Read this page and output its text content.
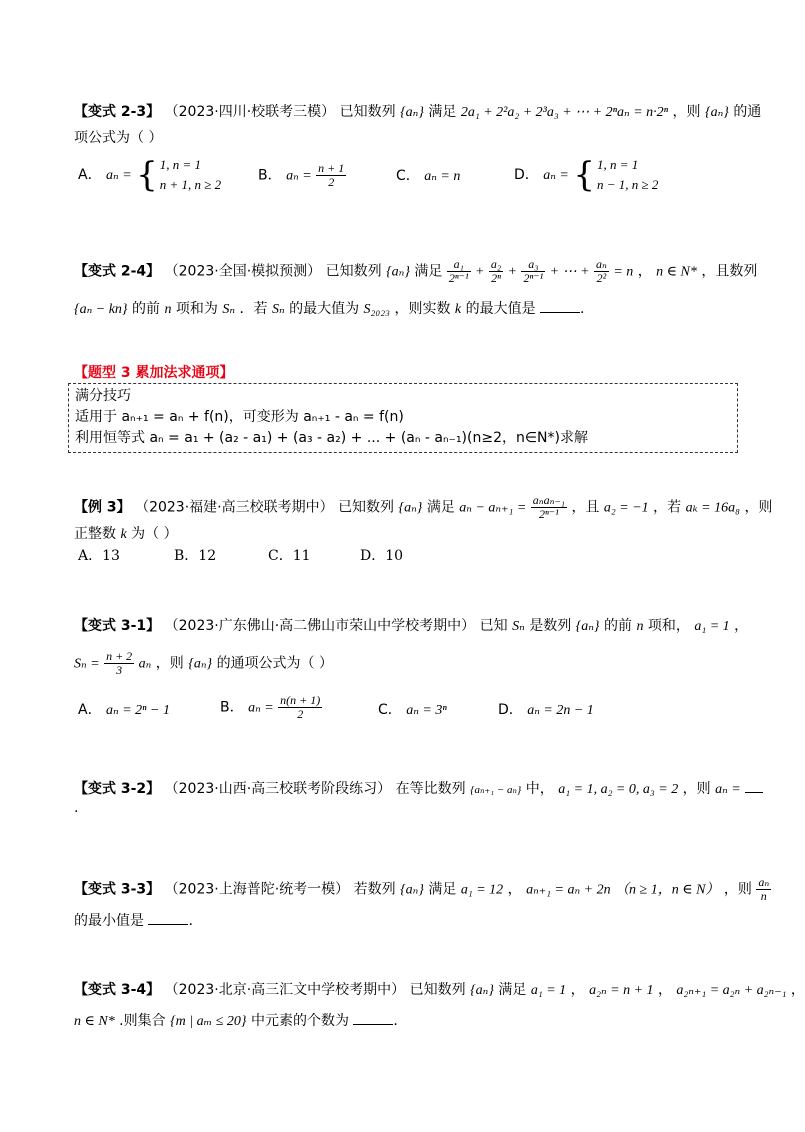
【变式 2-3】 （2023·四川·校联考三模） 已知数列 {aₙ} 满足 2a₁ + 2²a₂ + 2³a₃ + ⋯ + 2ⁿaₙ = n·2ⁿ ，则 {aₙ} 的通
项公式为（ ）
A． aₙ = { 1, n = 1
n + 1, n ≥ 2
B． $a_n = \frac{n + 1}{2}$	C． aₙ = n	D． aₙ = { 1, n = 1
n − 1, n ≥ 2
【变式 2-4】 （2023·全国·模拟预测） 已知数列 {aₙ} 满足 $\frac{\text{a₁}}{\text{2ⁿ⁻¹}} + \frac{\text{a₂}}{\text{2ⁿ}} + \frac{\text{a₃}}{\text{2ⁿ⁻¹}}$ + ⋯ + $\frac{\text{aₙ}}{\text{2²}} = n$ ， n ∈ N* ，且数列
{aₙ − kn} 的前 n 项和为 Sₙ ．若 Sₙ 的最大值为 S₂₀₂₃ ，则实数 k 的最大值是	.
【题型 3 累加法求通项】
满分技巧
适用于 aₙ₊₁ = aₙ + f(n)，可变形为 aₙ₊₁ - aₙ = f(n)
利用恒等式 aₙ = a₁ + (a₂ - a₁) + (a₃ - a₂) + ... + (aₙ - aₙ₋₁)(n≥2，n∈N*)求解
【例 3】 （2023·福建·高三校联考期中） 已知数列 {aₙ} 满足 $a_n - a_{n+1} = \frac{\text{aₙaₙ₋₁}}{\text{2ⁿ⁻¹}}$ ，且 a₂ = −1 ，若 aₖ = 16a₈ ，则
正整数 k 为（ ）
A．13	B．12	C．11	D．10
【变式 3-1】 （2023·广东佛山·高二佛山市荣山中学校考期中） 已知 Sₙ 是数列 {aₙ} 的前 n 项和， a₁ = 1 ，
$S_n = \frac{n + 2}{3}$ aₙ ，则 {aₙ} 的通项公式为（ ）
A． aₙ = 2ⁿ − 1	B． $a_n = \frac{n(n + 1)}{2}$	C． aₙ = 3ⁿ	D． aₙ = 2n − 1
【变式 3-2】 （2023·山西·高三校联考阶段练习） 在等比数列 {aₙ₊₁ − aₙ} 中， a₁ = 1, a₂ = 0, a₃ = 2 ，则 aₙ =
.
【变式 3-3】 （2023·上海普陀·统考一模） 若数列 {aₙ} 满足 a₁ = 12 ， aₙ₊₁ = aₙ + 2n （n ≥ 1，n ∈ N） ，则 $\frac{\text{aₙ}}{n}$
的最小值是	.
【变式 3-4】 （2023·北京·高三汇文中学校考期中） 已知数列 {aₙ} 满足 a₁ = 1 ， a₂ₙ = n + 1 ， a₂ₙ₊₁ = a₂ₙ + a₂ₙ₋₁ ，
n ∈ N* .则集合 {m | aₘ ≤ 20} 中元素的个数为	.
